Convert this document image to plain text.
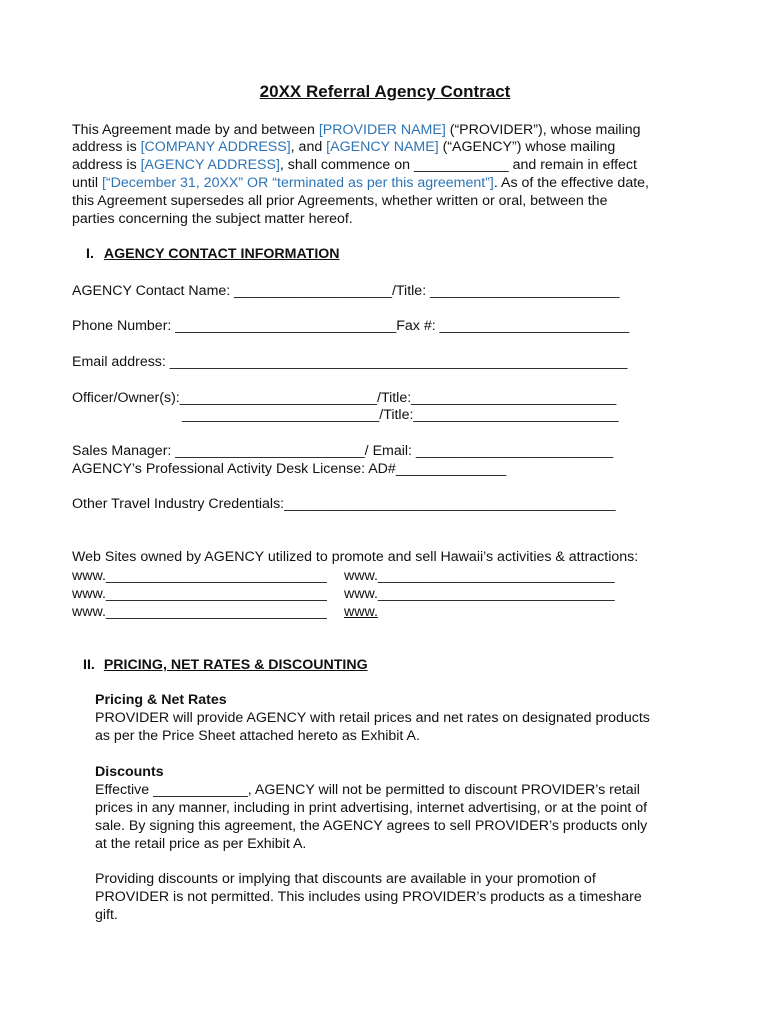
20XX Referral Agency Contract
This Agreement made by and between [PROVIDER NAME] (“PROVIDER”), whose mailing
address is [COMPANY ADDRESS], and [AGENCY NAME] (“AGENCY”) whose mailing
address is [AGENCY ADDRESS], shall commence on ____________ and remain in effect
until [“December 31, 20XX” OR “terminated as per this agreement”]. As of the effective date,
this Agreement supersedes all prior Agreements, whether written or oral, between the
parties concerning the subject matter hereof.
I. AGENCY CONTACT INFORMATION
AGENCY Contact Name: ____________________/Title: ________________________
Phone Number: ____________________________Fax #: ________________________
Email address: __________________________________________________________
Officer/Owner(s):_________________________/Title:__________________________
_________________________/Title:__________________________
Sales Manager: ________________________/ Email: _________________________
AGENCY’s Professional Activity Desk License: AD#______________
Other Travel Industry Credentials:__________________________________________
Web Sites owned by AGENCY utilized to promote and sell Hawaii’s activities & attractions:
www.____________________________
www.____________________________
www.____________________________
www.______________________________
www.______________________________
www.
II. PRICING, NET RATES & DISCOUNTING
Pricing & Net Rates
PROVIDER will provide AGENCY with retail prices and net rates on designated products
as per the Price Sheet attached hereto as Exhibit A.
Discounts
Effective ____________, AGENCY will not be permitted to discount PROVIDER’s retail
prices in any manner, including in print advertising, internet advertising, or at the point of
sale. By signing this agreement, the AGENCY agrees to sell PROVIDER’s products only
at the retail price as per Exhibit A.
Providing discounts or implying that discounts are available in your promotion of
PROVIDER is not permitted. This includes using PROVIDER’s products as a timeshare
gift.
